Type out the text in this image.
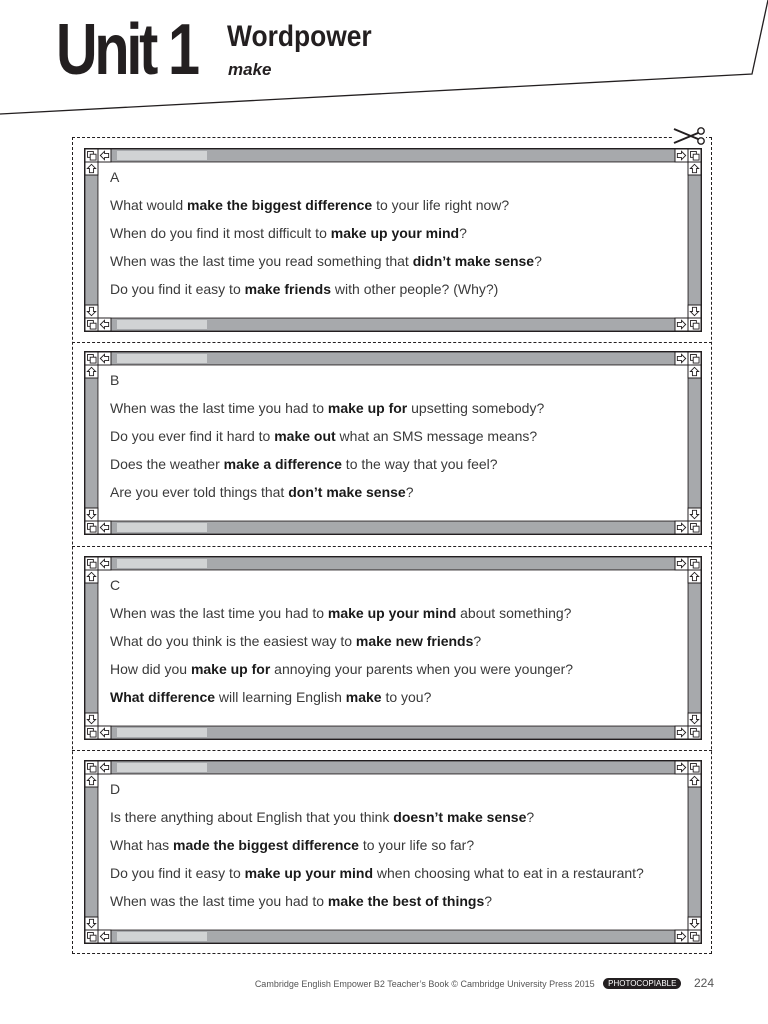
Unit 1 Wordpower
make
A
What would make the biggest difference to your life right now?
When do you find it most difficult to make up your mind?
When was the last time you read something that didn’t make sense?
Do you find it easy to make friends with other people? (Why?)
B
When was the last time you had to make up for upsetting somebody?
Do you ever find it hard to make out what an SMS message means?
Does the weather make a difference to the way that you feel?
Are you ever told things that don’t make sense?
C
When was the last time you had to make up your mind about something?
What do you think is the easiest way to make new friends?
How did you make up for annoying your parents when you were younger?
What difference will learning English make to you?
D
Is there anything about English that you think doesn’t make sense?
What has made the biggest difference to your life so far?
Do you find it easy to make up your mind when choosing what to eat in a restaurant?
When was the last time you had to make the best of things?
Cambridge English Empower B2 Teacher’s Book © Cambridge University Press 2015 PHOTOCOPIABLE 224
